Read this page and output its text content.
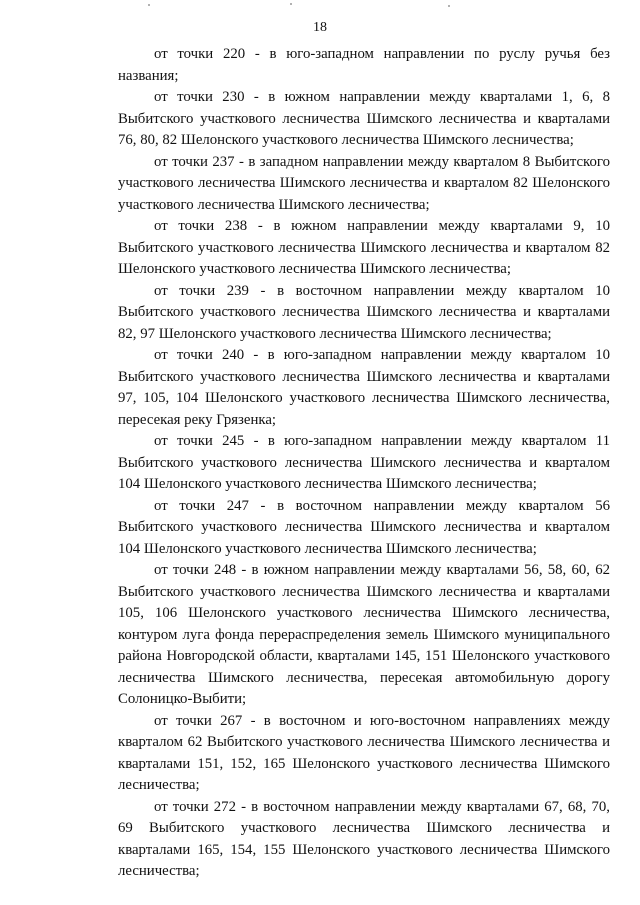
18

от точки 220 - в юго-западном направлении по руслу ручья без названия;

от точки 230 - в южном направлении между кварталами 1, 6, 8 Выбитского участкового лесничества Шимского лесничества и кварталами 76, 80, 82 Шелонского участкового лесничества Шимского лесничества;

от точки 237 - в западном направлении между кварталом 8 Выбитского участкового лесничества Шимского лесничества и кварталом 82 Шелонского участкового лесничества Шимского лесничества;

от точки 238 - в южном направлении между кварталами 9, 10 Выбитского участкового лесничества Шимского лесничества и кварталом 82 Шелонского участкового лесничества Шимского лесничества;

от точки 239 - в восточном направлении между кварталом 10 Выбитского участкового лесничества Шимского лесничества и кварталами 82, 97 Шелонского участкового лесничества Шимского лесничества;

от точки 240 - в юго-западном направлении между кварталом 10 Выбитского участкового лесничества Шимского лесничества и кварталами 97, 105, 104 Шелонского участкового лесничества Шимского лесничества, пересекая реку Грязенка;

от точки 245 - в юго-западном направлении между кварталом 11 Выбитского участкового лесничества Шимского лесничества и кварталом 104 Шелонского участкового лесничества Шимского лесничества;

от точки 247 - в восточном направлении между кварталом 56 Выбитского участкового лесничества Шимского лесничества и кварталом 104 Шелонского участкового лесничества Шимского лесничества;

от точки 248 - в южном направлении между кварталами 56, 58, 60, 62 Выбитского участкового лесничества Шимского лесничества и кварталами 105, 106 Шелонского участкового лесничества Шимского лесничества, контуром луга фонда перераспределения земель Шимского муниципального района Новгородской области, кварталами 145, 151 Шелонского участкового лесничества Шимского лесничества, пересекая автомобильную дорогу Солоницко-Выбити;

от точки 267 - в восточном и юго-восточном направлениях между кварталом 62 Выбитского участкового лесничества Шимского лесничества и кварталами 151, 152, 165 Шелонского участкового лесничества Шимского лесничества;

от точки 272 - в восточном направлении между кварталами 67, 68, 70, 69 Выбитского участкового лесничества Шимского лесничества и кварталами 165, 154, 155 Шелонского участкового лесничества Шимского лесничества;
